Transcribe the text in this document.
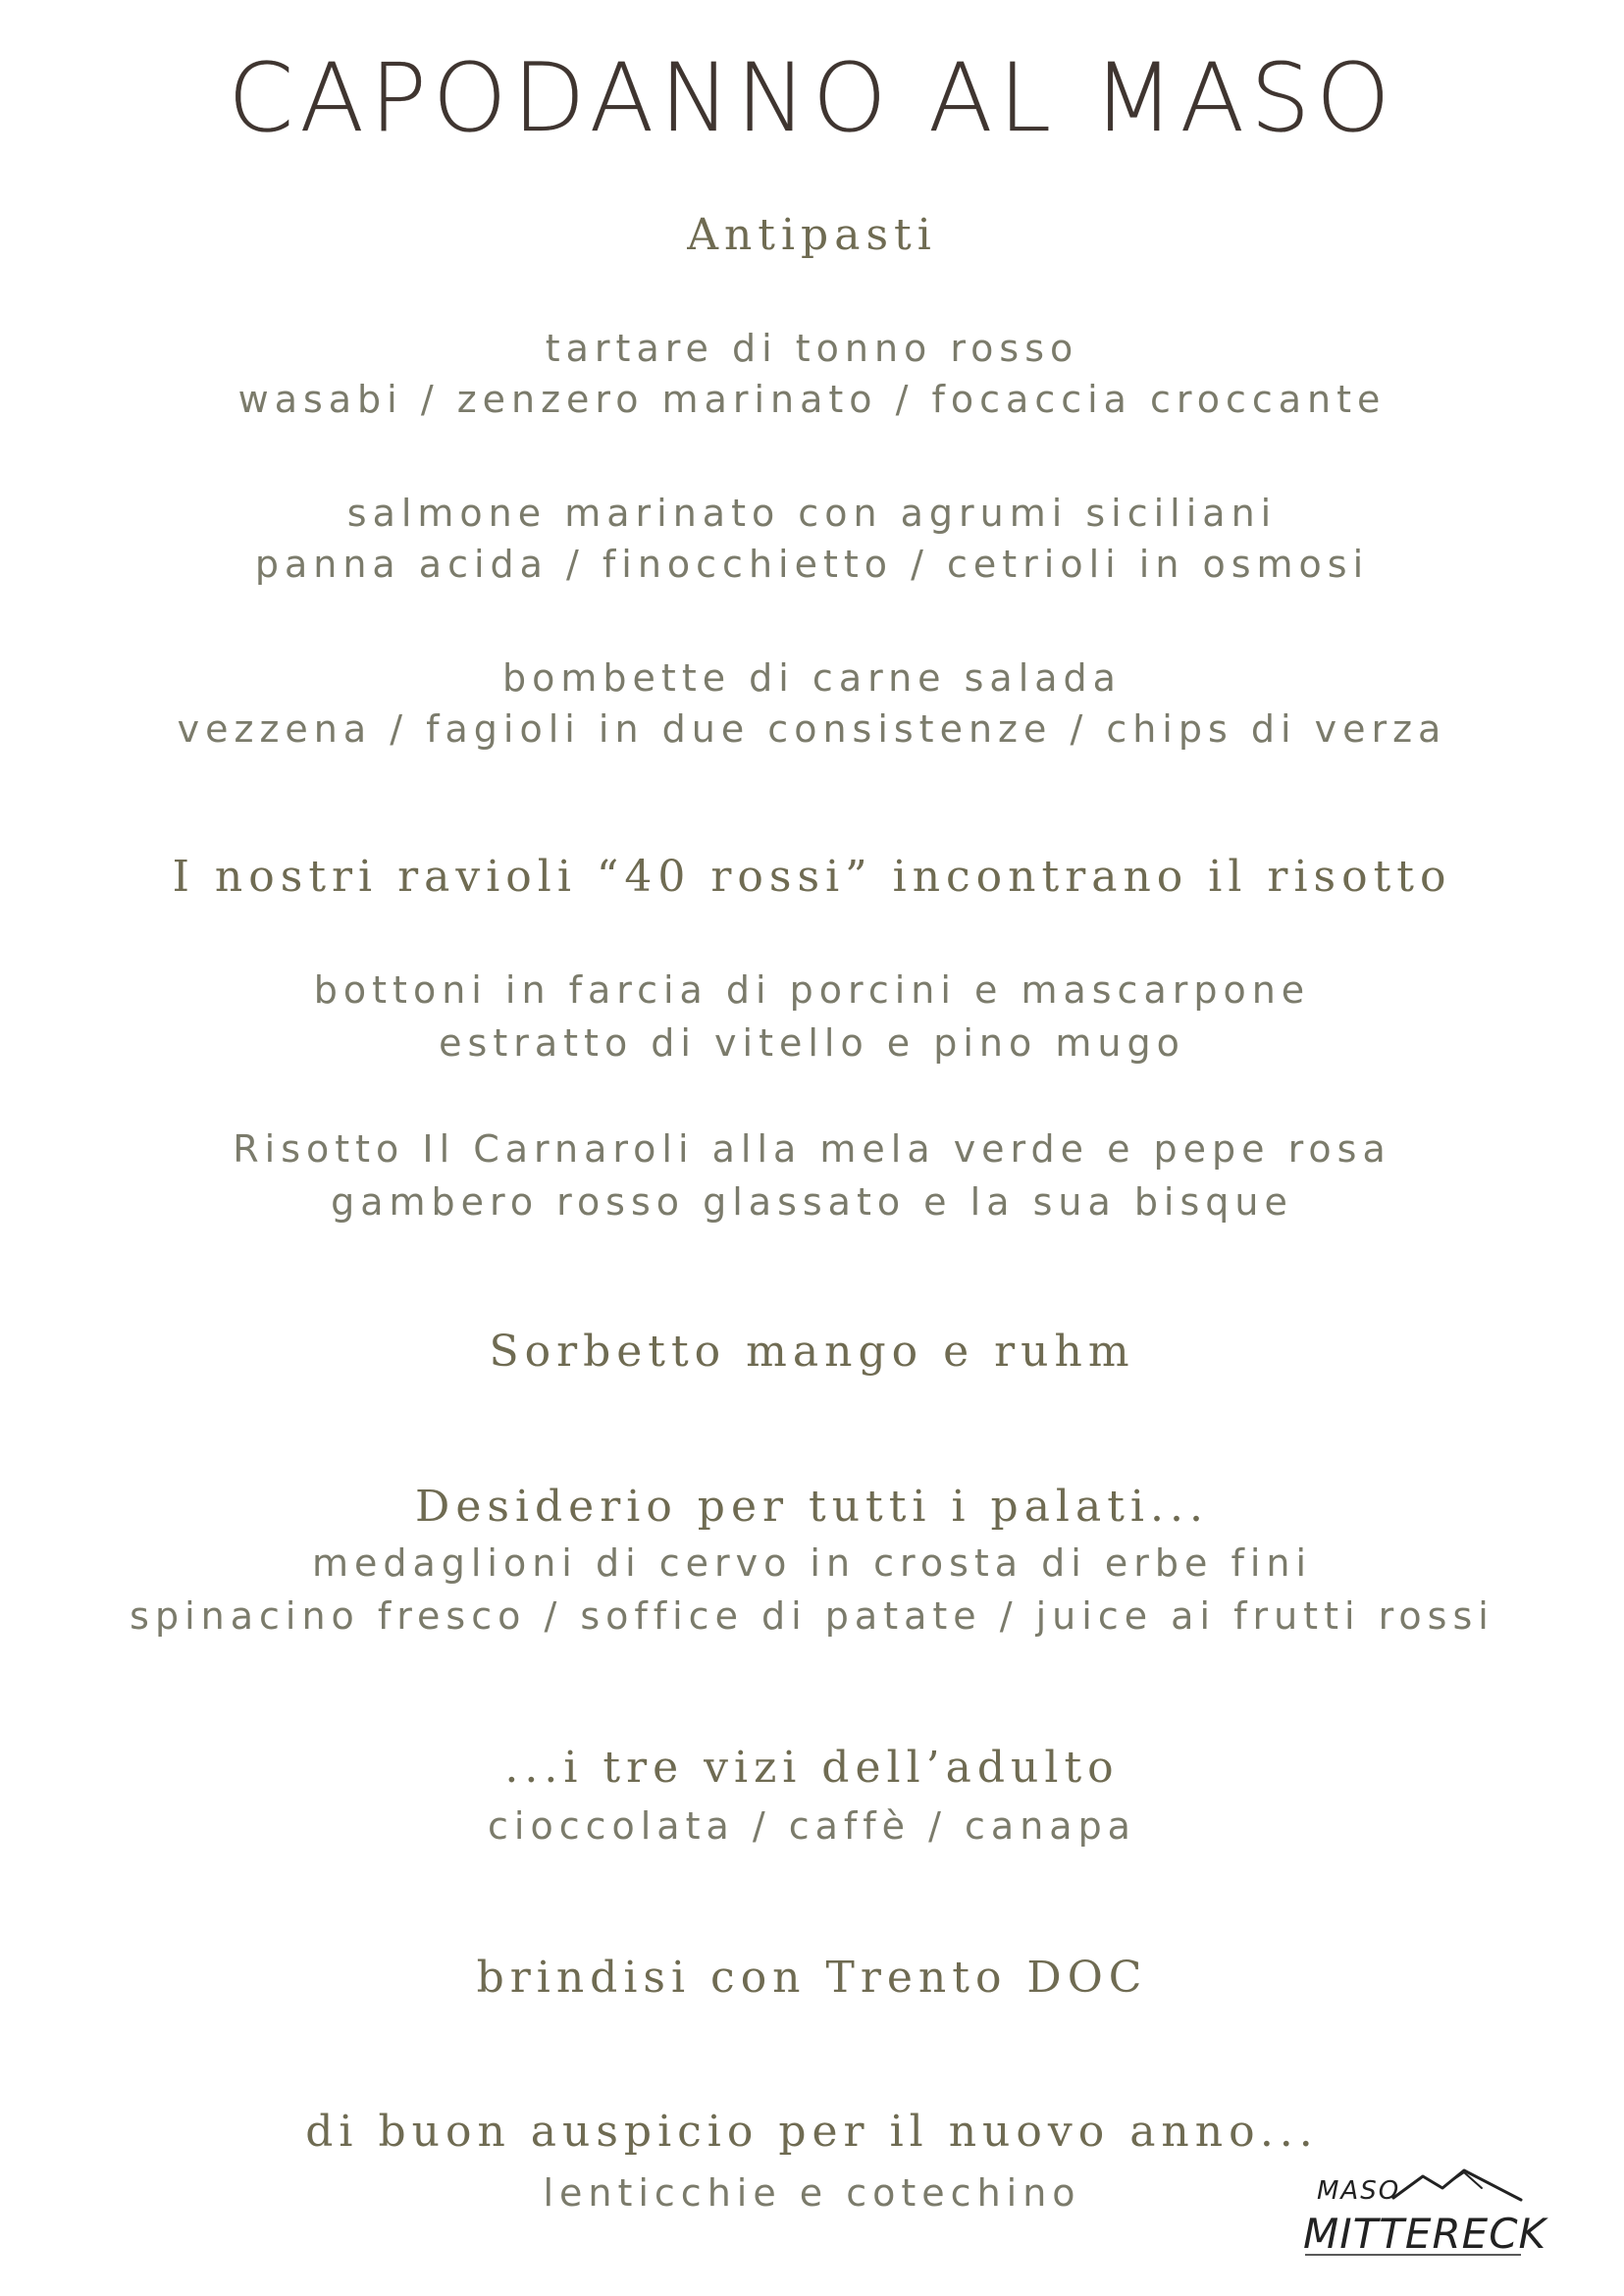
CAPODANNO AL MASO
Antipasti
tartare di tonno rosso
wasabi / zenzero marinato / focaccia croccante
salmone marinato con agrumi siciliani
panna acida / finocchietto / cetrioli in osmosi
bombette di carne salada
vezzena / fagioli in due consistenze / chips di verza
I nostri ravioli “40 rossi” incontrano il risotto
bottoni in farcia di porcini e mascarpone
estratto di vitello e pino mugo
Risotto Il Carnaroli alla mela verde e pepe rosa
gambero rosso glassato e la sua bisque
Sorbetto mango e ruhm
Desiderio per tutti i palati...
medaglioni di cervo in crosta di erbe fini
spinacino fresco / soffice di patate / juice ai frutti rossi
...i tre vizi dell’adulto
cioccolata / caffè / canapa
brindisi con Trento DOC
di buon auspicio per il nuovo anno...
lenticchie e cotechino	MASO
MITTERECK
